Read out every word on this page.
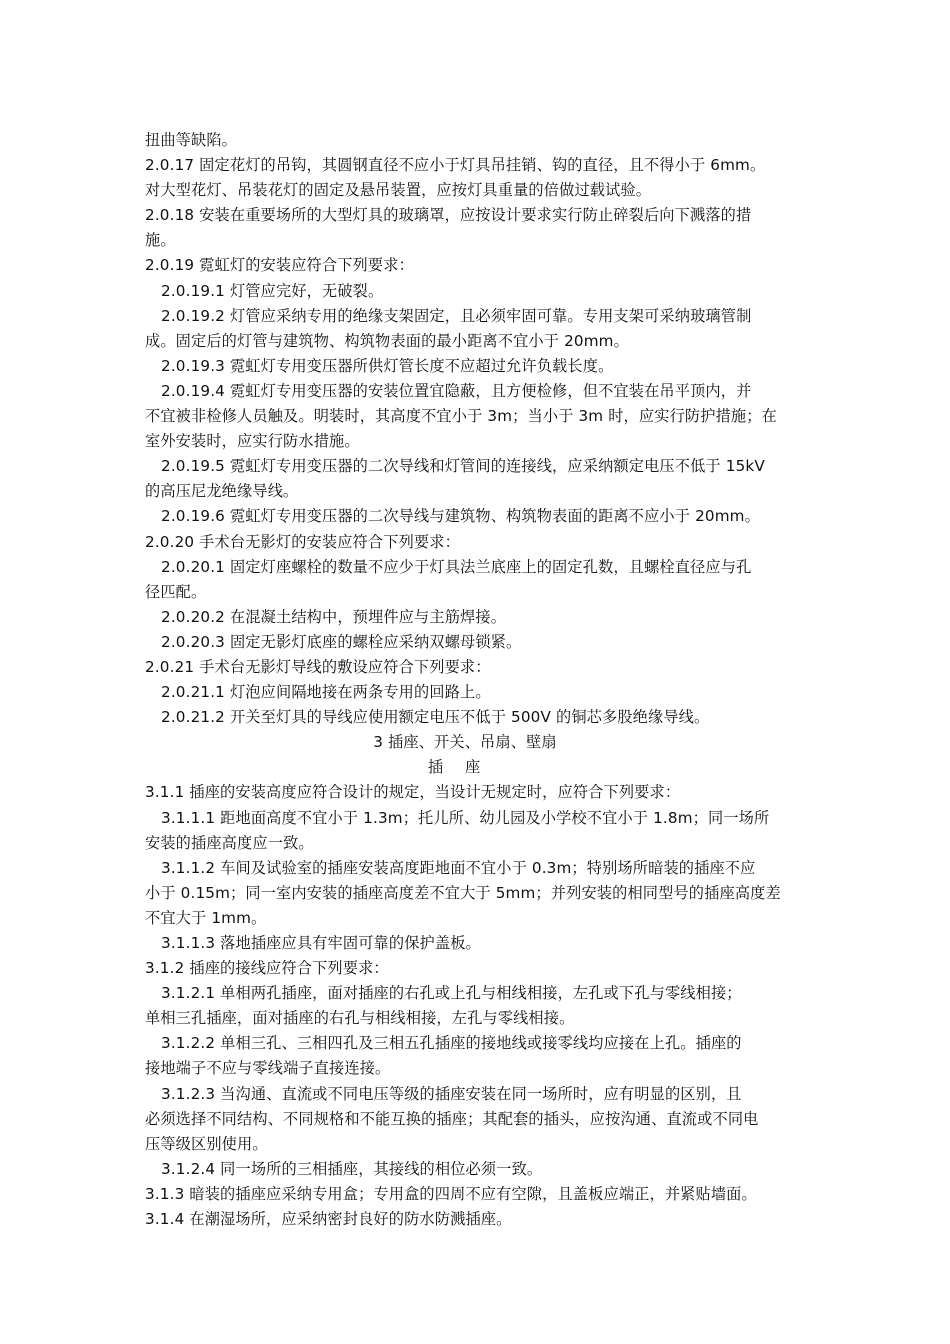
扭曲等缺陷。
2.0.17 固定花灯的吊钩，其圆钢直径不应小于灯具吊挂销、钩的直径，且不得小于 6mm。
对大型花灯、吊装花灯的固定及悬吊装置，应按灯具重量的倍做过载试验。
2.0.18 安装在重要场所的大型灯具的玻璃罩，应按设计要求实行防止碎裂后向下溅落的措
施。
2.0.19 霓虹灯的安装应符合下列要求：
2.0.19.1 灯管应完好，无破裂。
2.0.19.2 灯管应采纳专用的绝缘支架固定，且必须牢固可靠。专用支架可采纳玻璃管制
成。固定后的灯管与建筑物、构筑物表面的最小距离不宜小于 20mm。
2.0.19.3 霓虹灯专用变压器所供灯管长度不应超过允许负载长度。
2.0.19.4 霓虹灯专用变压器的安装位置宜隐蔽，且方便检修，但不宜装在吊平顶内，并
不宜被非检修人员触及。明装时，其高度不宜小于 3m；当小于 3m 时，应实行防护措施；在
室外安装时，应实行防水措施。
2.0.19.5 霓虹灯专用变压器的二次导线和灯管间的连接线，应采纳额定电压不低于 15kV
的高压尼龙绝缘导线。
2.0.19.6 霓虹灯专用变压器的二次导线与建筑物、构筑物表面的距离不应小于 20mm。
2.0.20 手术台无影灯的安装应符合下列要求：
2.0.20.1 固定灯座螺栓的数量不应少于灯具法兰底座上的固定孔数，且螺栓直径应与孔
径匹配。
2.0.20.2 在混凝土结构中，预埋件应与主筋焊接。
2.0.20.3 固定无影灯底座的螺栓应采纳双螺母锁紧。
2.0.21 手术台无影灯导线的敷设应符合下列要求：
2.0.21.1 灯泡应间隔地接在两条专用的回路上。
2.0.21.2 开关至灯具的导线应使用额定电压不低于 500V 的铜芯多股绝缘导线。
3 插座、开关、吊扇、壁扇
插座
3.1.1 插座的安装高度应符合设计的规定，当设计无规定时，应符合下列要求：
3.1.1.1 距地面高度不宜小于 1.3m；托儿所、幼儿园及小学校不宜小于 1.8m；同一场所
安装的插座高度应一致。
3.1.1.2 车间及试验室的插座安装高度距地面不宜小于 0.3m；特别场所暗装的插座不应
小于 0.15m；同一室内安装的插座高度差不宜大于 5mm；并列安装的相同型号的插座高度差
不宜大于 1mm。
3.1.1.3 落地插座应具有牢固可靠的保护盖板。
3.1.2 插座的接线应符合下列要求：
3.1.2.1 单相两孔插座，面对插座的右孔或上孔与相线相接，左孔或下孔与零线相接；
单相三孔插座，面对插座的右孔与相线相接，左孔与零线相接。
3.1.2.2 单相三孔、三相四孔及三相五孔插座的接地线或接零线均应接在上孔。插座的
接地端子不应与零线端子直接连接。
3.1.2.3 当沟通、直流或不同电压等级的插座安装在同一场所时，应有明显的区别，且
必须选择不同结构、不同规格和不能互换的插座；其配套的插头，应按沟通、直流或不同电
压等级区别使用。
3.1.2.4 同一场所的三相插座，其接线的相位必须一致。
3.1.3 暗装的插座应采纳专用盒；专用盒的四周不应有空隙，且盖板应端正，并紧贴墙面。
3.1.4 在潮湿场所，应采纳密封良好的防水防溅插座。
